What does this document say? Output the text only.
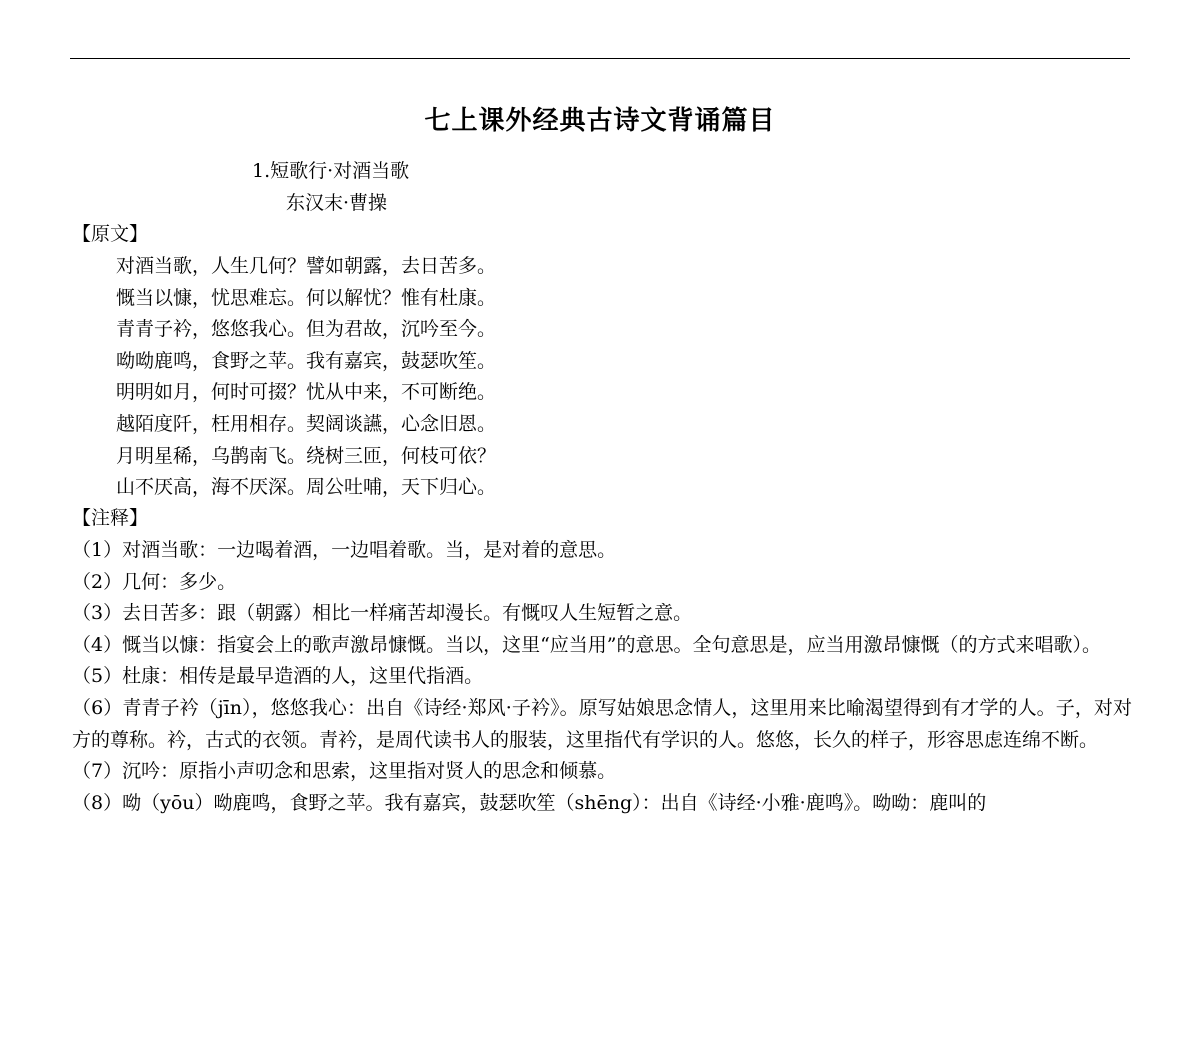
七上课外经典古诗文背诵篇目
1.短歌行·对酒当歌
东汉末·曹操
【原文】
对酒当歌，人生几何？譬如朝露，去日苦多。
慨当以慷，忧思难忘。何以解忧？惟有杜康。
青青子衿，悠悠我心。但为君故，沉吟至今。
呦呦鹿鸣，食野之苹。我有嘉宾，鼓瑟吹笙。
明明如月，何时可掇？忧从中来，不可断绝。
越陌度阡，枉用相存。契阔谈讌，心念旧恩。
月明星稀，乌鹊南飞。绕树三匝，何枝可依？
山不厌高，海不厌深。周公吐哺，天下归心。
【注释】
（1）对酒当歌：一边喝着酒，一边唱着歌。当，是对着的意思。
（2）几何：多少。
（3）去日苦多：跟（朝露）相比一样痛苦却漫长。有慨叹人生短暂之意。
（4）慨当以慷：指宴会上的歌声激昂慷慨。当以，这里“应当用”的意思。全句意思是，应当用激昂慷慨（的方式来唱歌）。
（5）杜康：相传是最早造酒的人，这里代指酒。
（6）青青子衿（jīn），悠悠我心：出自《诗经·郑风·子衿》。原写姑娘思念情人，这里用来比喻渴望得到有才学的人。子，对对方的尊称。衿，古式的衣领。青衿，是周代读书人的服装，这里指代有学识的人。悠悠，长久的样子，形容思虑连绵不断。
（7）沉吟：原指小声叨念和思索，这里指对贤人的思念和倾慕。
（8）呦（yōu）呦鹿鸣，食野之苹。我有嘉宾，鼓瑟吹笙（shēng）：出自《诗经·小雅·鹿鸣》。呦呦：鹿叫的
